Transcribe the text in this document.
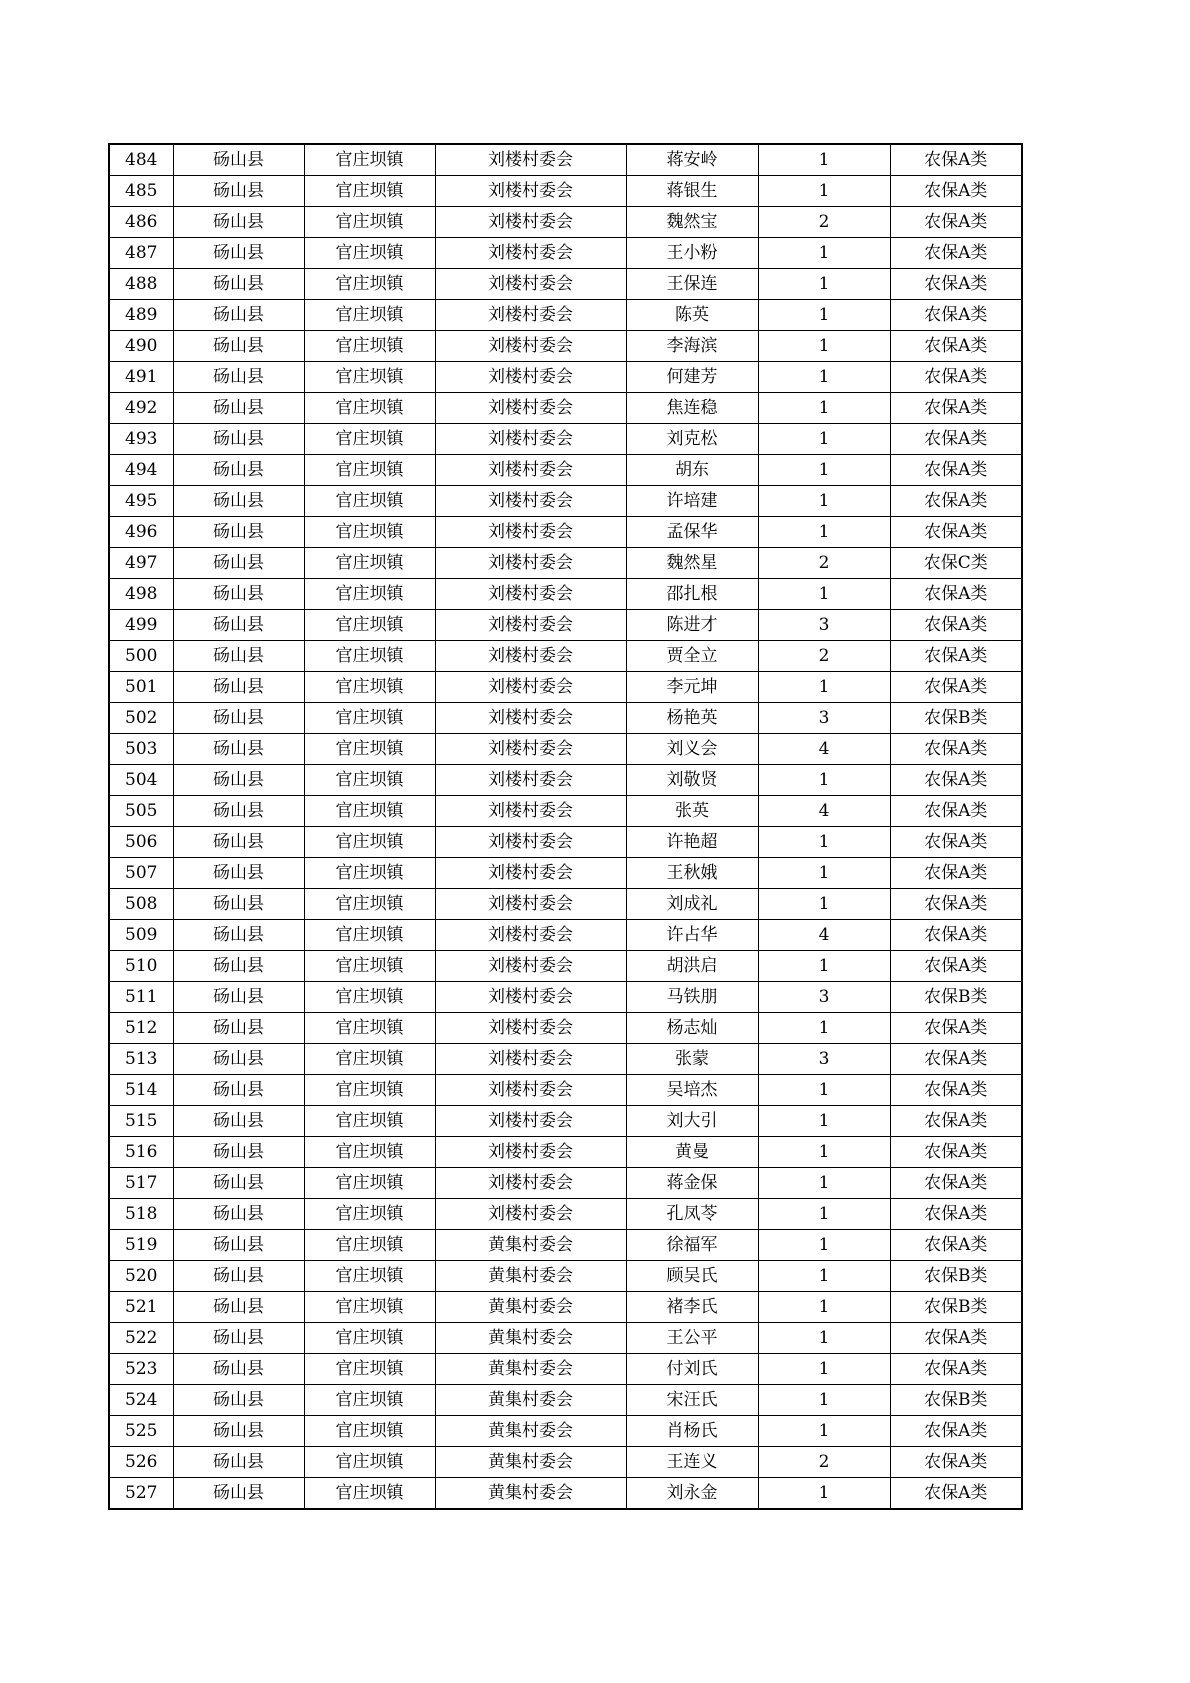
484	砀山县	官庄坝镇	刘楼村委会	蒋安岭	1	农保A类
485	砀山县	官庄坝镇	刘楼村委会	蒋银生	1	农保A类
486	砀山县	官庄坝镇	刘楼村委会	魏然宝	2	农保A类
487	砀山县	官庄坝镇	刘楼村委会	王小粉	1	农保A类
488	砀山县	官庄坝镇	刘楼村委会	王保连	1	农保A类
489	砀山县	官庄坝镇	刘楼村委会	陈英	1	农保A类
490	砀山县	官庄坝镇	刘楼村委会	李海滨	1	农保A类
491	砀山县	官庄坝镇	刘楼村委会	何建芳	1	农保A类
492	砀山县	官庄坝镇	刘楼村委会	焦连稳	1	农保A类
493	砀山县	官庄坝镇	刘楼村委会	刘克松	1	农保A类
494	砀山县	官庄坝镇	刘楼村委会	胡东	1	农保A类
495	砀山县	官庄坝镇	刘楼村委会	许培建	1	农保A类
496	砀山县	官庄坝镇	刘楼村委会	孟保华	1	农保A类
497	砀山县	官庄坝镇	刘楼村委会	魏然星	2	农保C类
498	砀山县	官庄坝镇	刘楼村委会	邵扎根	1	农保A类
499	砀山县	官庄坝镇	刘楼村委会	陈进才	3	农保A类
500	砀山县	官庄坝镇	刘楼村委会	贾全立	2	农保A类
501	砀山县	官庄坝镇	刘楼村委会	李元坤	1	农保A类
502	砀山县	官庄坝镇	刘楼村委会	杨艳英	3	农保B类
503	砀山县	官庄坝镇	刘楼村委会	刘义会	4	农保A类
504	砀山县	官庄坝镇	刘楼村委会	刘敬贤	1	农保A类
505	砀山县	官庄坝镇	刘楼村委会	张英	4	农保A类
506	砀山县	官庄坝镇	刘楼村委会	许艳超	1	农保A类
507	砀山县	官庄坝镇	刘楼村委会	王秋娥	1	农保A类
508	砀山县	官庄坝镇	刘楼村委会	刘成礼	1	农保A类
509	砀山县	官庄坝镇	刘楼村委会	许占华	4	农保A类
510	砀山县	官庄坝镇	刘楼村委会	胡洪启	1	农保A类
511	砀山县	官庄坝镇	刘楼村委会	马铁朋	3	农保B类
512	砀山县	官庄坝镇	刘楼村委会	杨志灿	1	农保A类
513	砀山县	官庄坝镇	刘楼村委会	张蒙	3	农保A类
514	砀山县	官庄坝镇	刘楼村委会	吴培杰	1	农保A类
515	砀山县	官庄坝镇	刘楼村委会	刘大引	1	农保A类
516	砀山县	官庄坝镇	刘楼村委会	黄曼	1	农保A类
517	砀山县	官庄坝镇	刘楼村委会	蒋金保	1	农保A类
518	砀山县	官庄坝镇	刘楼村委会	孔凤苓	1	农保A类
519	砀山县	官庄坝镇	黄集村委会	徐福军	1	农保A类
520	砀山县	官庄坝镇	黄集村委会	顾吴氏	1	农保B类
521	砀山县	官庄坝镇	黄集村委会	褚李氏	1	农保B类
522	砀山县	官庄坝镇	黄集村委会	王公平	1	农保A类
523	砀山县	官庄坝镇	黄集村委会	付刘氏	1	农保A类
524	砀山县	官庄坝镇	黄集村委会	宋汪氏	1	农保B类
525	砀山县	官庄坝镇	黄集村委会	肖杨氏	1	农保A类
526	砀山县	官庄坝镇	黄集村委会	王连义	2	农保A类
527	砀山县	官庄坝镇	黄集村委会	刘永金	1	农保A类
